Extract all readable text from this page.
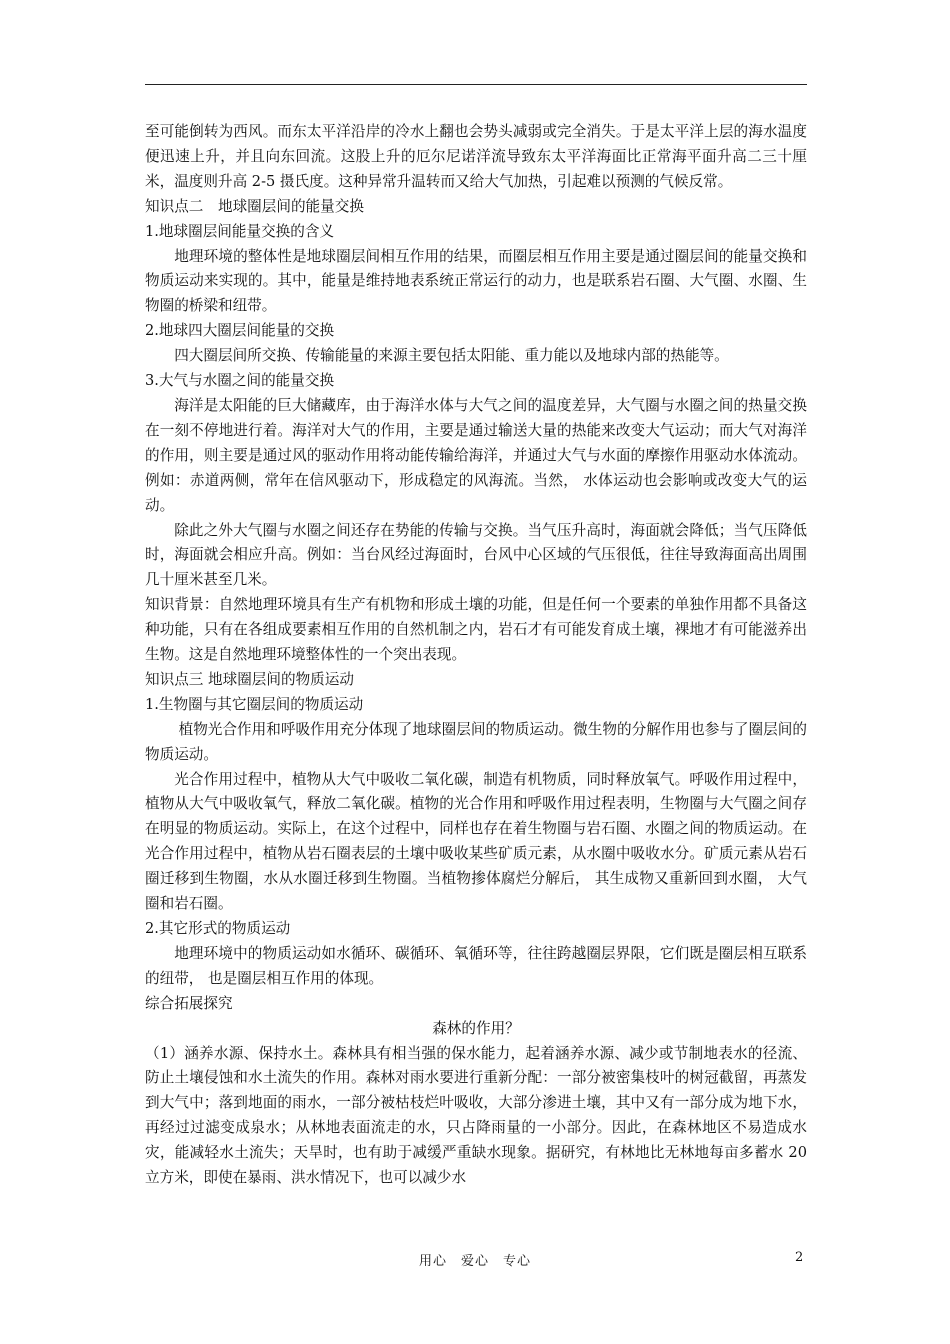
至可能倒转为西风。而东太平洋沿岸的冷水上翻也会势头减弱或完全消失。于是太平洋上层的海水温度便迅速上升，并且向东回流。这股上升的厄尔尼诺洋流导致东太平洋海面比正常海平面升高二三十厘米，温度则升高 2-5 摄氏度。这种异常升温转而又给大气加热，引起难以预测的气候反常。

知识点二　地球圈层间的能量交换

1.地球圈层间能量交换的含义

地理环境的整体性是地球圈层间相互作用的结果，而圈层相互作用主要是通过圈层间的能量交换和物质运动来实现的。其中，能量是维持地表系统正常运行的动力，也是联系岩石圈、大气圈、水圈、生物圈的桥梁和纽带。

2.地球四大圈层间能量的交换

四大圈层间所交换、传输能量的来源主要包括太阳能、重力能以及地球内部的热能等。

3.大气与水圈之间的能量交换

海洋是太阳能的巨大储藏库，由于海洋水体与大气之间的温度差异，大气圈与水圈之间的热量交换在一刻不停地进行着。海洋对大气的作用，主要是通过输送大量的热能来改变大气运动；而大气对海洋的作用，则主要是通过风的驱动作用将动能传输给海洋，并通过大气与水面的摩擦作用驱动水体流动。例如：赤道两侧，常年在信风驱动下，形成稳定的风海流。当然， 水体运动也会影响或改变大气的运动。

除此之外大气圈与水圈之间还存在势能的传输与交换。当气压升高时，海面就会降低；当气压降低时，海面就会相应升高。例如：当台风经过海面时，台风中心区域的气压很低，往往导致海面高出周围几十厘米甚至几米。

知识背景：自然地理环境具有生产有机物和形成土壤的功能，但是任何一个要素的单独作用都不具备这种功能，只有在各组成要素相互作用的自然机制之内，岩石才有可能发育成土壤，裸地才有可能滋养出生物。这是自然地理环境整体性的一个突出表现。

知识点三 地球圈层间的物质运动

1.生物圈与其它圈层间的物质运动

植物光合作用和呼吸作用充分体现了地球圈层间的物质运动。微生物的分解作用也参与了圈层间的物质运动。

光合作用过程中，植物从大气中吸收二氧化碳，制造有机物质，同时释放氧气。呼吸作用过程中，植物从大气中吸收氧气，释放二氧化碳。植物的光合作用和呼吸作用过程表明，生物圈与大气圈之间存在明显的物质运动。实际上，在这个过程中，同样也存在着生物圈与岩石圈、水圈之间的物质运动。在光合作用过程中，植物从岩石圈表层的土壤中吸收某些矿质元素，从水圈中吸收水分。矿质元素从岩石圈迁移到生物圈，水从水圈迁移到生物圈。当植物掺体腐烂分解后， 其生成物又重新回到水圈， 大气圈和岩石圈。

2.其它形式的物质运动

地理环境中的物质运动如水循环、碳循环、氧循环等，往往跨越圈层界限，它们既是圈层相互联系的纽带， 也是圈层相互作用的体现。

综合拓展探究

森林的作用？

（1）涵养水源、保持水土。森林具有相当强的保水能力，起着涵养水源、减少或节制地表水的径流、防止土壤侵蚀和水土流失的作用。森林对雨水要进行重新分配：一部分被密集枝叶的树冠截留，再蒸发到大气中；落到地面的雨水，一部分被枯枝烂叶吸收，大部分渗进土壤，其中又有一部分成为地下水，再经过过滤变成泉水；从林地表面流走的水，只占降雨量的一小部分。因此，在森林地区不易造成水灾，能减轻水土流失；天旱时，也有助于减缓严重缺水现象。据研究，有林地比无林地每亩多蓄水 20 立方米，即使在暴雨、洪水情况下，也可以减少水

用心　爱心　专心	2
